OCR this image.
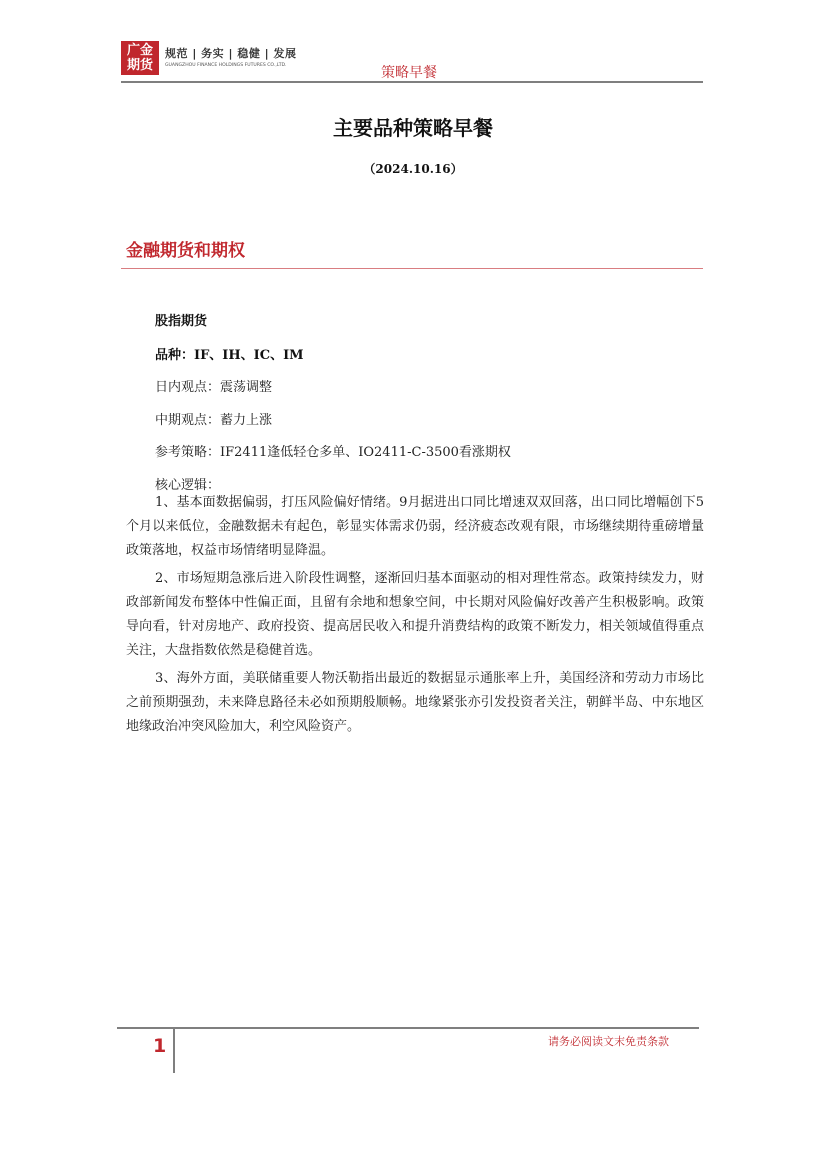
广金
期货
规范 | 务实 | 稳健 | 发展
GUANGZHOU FINANCE HOLDINGS FUTURES CO.,LTD.	策略早餐
主要品种策略早餐
（2024.10.16）
金融期货和期权
股指期货
品种：IF、IH、IC、IM
日内观点：震荡调整
中期观点：蓄力上涨
参考策略：IF2411逢低轻仓多单、IO2411-C-3500看涨期权
核心逻辑：

1、基本面数据偏弱，打压风险偏好情绪。9月据进出口同比增速双双回落，出口同比增幅创下5个月以来低位，金融数据未有起色，彰显实体需求仍弱，经济疲态改观有限，市场继续期待重磅增量政策落地，权益市场情绪明显降温。

2、市场短期急涨后进入阶段性调整，逐渐回归基本面驱动的相对理性常态。政策持续发力，财政部新闻发布整体中性偏正面，且留有余地和想象空间，中长期对风险偏好改善产生积极影响。政策导向看，针对房地产、政府投资、提高居民收入和提升消费结构的政策不断发力，相关领域值得重点关注，大盘指数依然是稳健首选。

3、海外方面，美联储重要人物沃勒指出最近的数据显示通胀率上升，美国经济和劳动力市场比之前预期强劲，未来降息路径未必如预期般顺畅。地缘紧张亦引发投资者关注，朝鲜半岛、中东地区地缘政治冲突风险加大，利空风险资产。

1	请务必阅读文末免责条款
